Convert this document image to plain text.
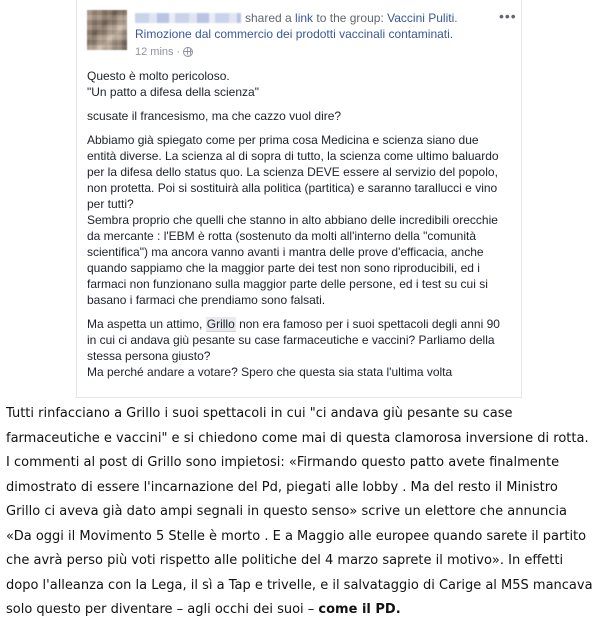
shared a link to the group: Vaccini Puliti.
Rimozione dal commercio dei prodotti vaccinali contaminati.
12 mins ·
•••

Questo è molto pericoloso.
"Un patto a difesa della scienza"

scusate il francesismo, ma che cazzo vuol dire?

Abbiamo già spiegato come per prima cosa Medicina e scienza siano due entità diverse. La scienza al di sopra di tutto, la scienza come ultimo baluardo per la difesa dello status quo. La scienza DEVE essere al servizio del popolo, non protetta. Poi si sostituirà alla politica (partitica) e saranno tarallucci e vino per tutti?
Sembra proprio che quelli che stanno in alto abbiano delle incredibili orecchie da mercante : l'EBM è rotta (sostenuto da molti all'interno della "comunità scientifica") ma ancora vanno avanti i mantra delle prove d'efficacia, anche quando sappiamo che la maggior parte dei test non sono riproducibili, ed i farmaci non funzionano sulla maggior parte delle persone, ed i test su cui si basano i farmaci che prendiamo sono falsati.

Ma aspetta un attimo, Grillo non era famoso per i suoi spettacoli degli anni 90 in cui ci andava giù pesante su case farmaceutiche e vaccini? Parliamo della stessa persona giusto?
Ma perché andare a votare? Spero che questa sia stata l'ultima volta

Tutti rinfacciano a Grillo i suoi spettacoli in cui "ci andava giù pesante su case farmaceutiche e vaccini" e si chiedono come mai di questa clamorosa inversione di rotta. I commenti al post di Grillo sono impietosi: «Firmando questo patto avete finalmente dimostrato di essere l'incarnazione del Pd, piegati alle lobby . Ma del resto il Ministro Grillo ci aveva già dato ampi segnali in questo senso» scrive un elettore che annuncia «Da oggi il Movimento 5 Stelle è morto . E a Maggio alle europee quando sarete il partito che avrà perso più voti rispetto alle politiche del 4 marzo saprete il motivo». In effetti dopo l'alleanza con la Lega, il sì a Tap e trivelle, e il salvataggio di Carige al M5S mancava solo questo per diventare – agli occhi dei suoi – come il PD.
